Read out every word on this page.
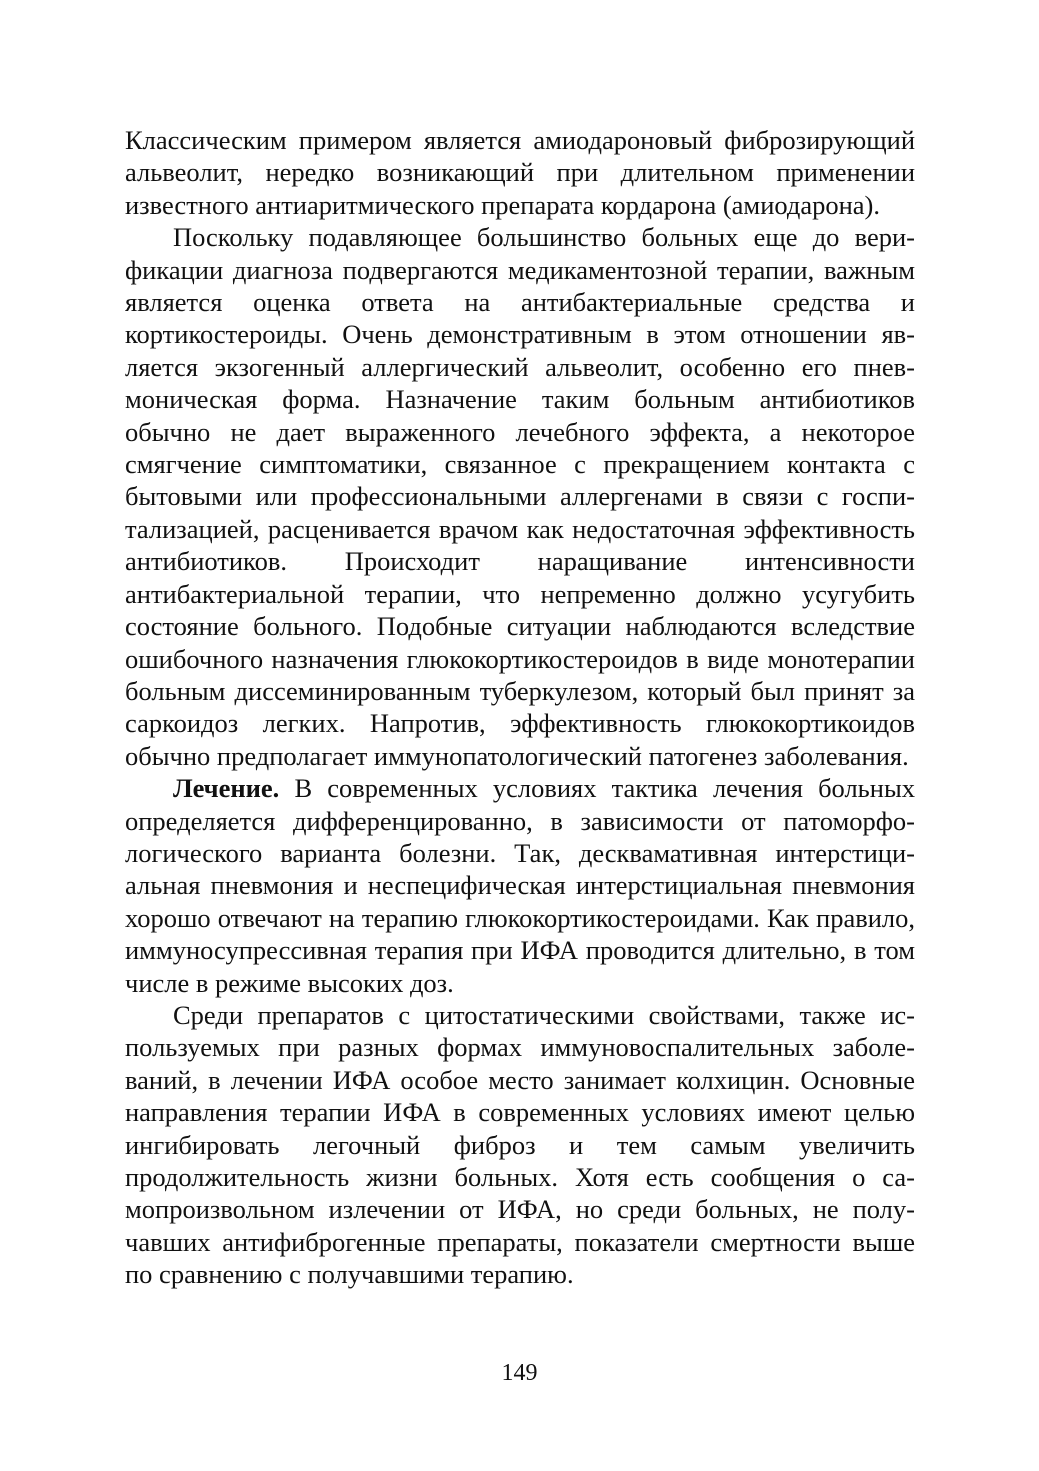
Классическим примером является амиодароновый фиброзирующий альвеолит, нередко возникающий при длительном применении известного антиаритмического препарата кордарона (амиодарона).

Поскольку подавляющее большинство больных еще до верификации диагноза подвергаются медикаментозной терапии, важным является оценка ответа на антибактериальные средства и кортикостероиды. Очень демонстративным в этом отношении является экзогенный аллергический альвеолит, особенно его пневмоническая форма. Назначение таким больным антибиотиков обычно не дает выраженного лечебного эффекта, а некоторое смягчение симптоматики, связанное с прекращением контакта с бытовыми или профессиональными аллергенами в связи с госпитализацией, расценивается врачом как недостаточная эффективность антибиотиков. Происходит наращивание интенсивности антибактериальной терапии, что непременно должно усугубить состояние больного. Подобные ситуации наблюдаются вследствие ошибочного назначения глюкокортикостероидов в виде монотерапии больным диссеминированным туберкулезом, который был принят за саркоидоз легких. Напротив, эффективность глюкокортикоидов обычно предполагает иммунопатологический патогенез заболевания.

Лечение. В современных условиях тактика лечения больных определяется дифференцированно, в зависимости от патоморфологического варианта болезни. Так, десквамативная интерстициальная пневмония и неспецифическая интерстициальная пневмония хорошо отвечают на терапию глюкокортикостероидами. Как правило, иммуносупрессивная терапия при ИФА проводится длительно, в том числе в режиме высоких доз.

Среди препаратов с цитостатическими свойствами, также используемых при разных формах иммуновоспалительных заболеваний, в лечении ИФА особое место занимает колхицин. Основные направления терапии ИФА в современных условиях имеют целью ингибировать легочный фиброз и тем самым увеличить продолжительность жизни больных. Хотя есть сообщения о самопроизвольном излечении от ИФА, но среди больных, не получавших антифиброгенные препараты, показатели смертности выше по сравнению с получавшими терапию.

149
